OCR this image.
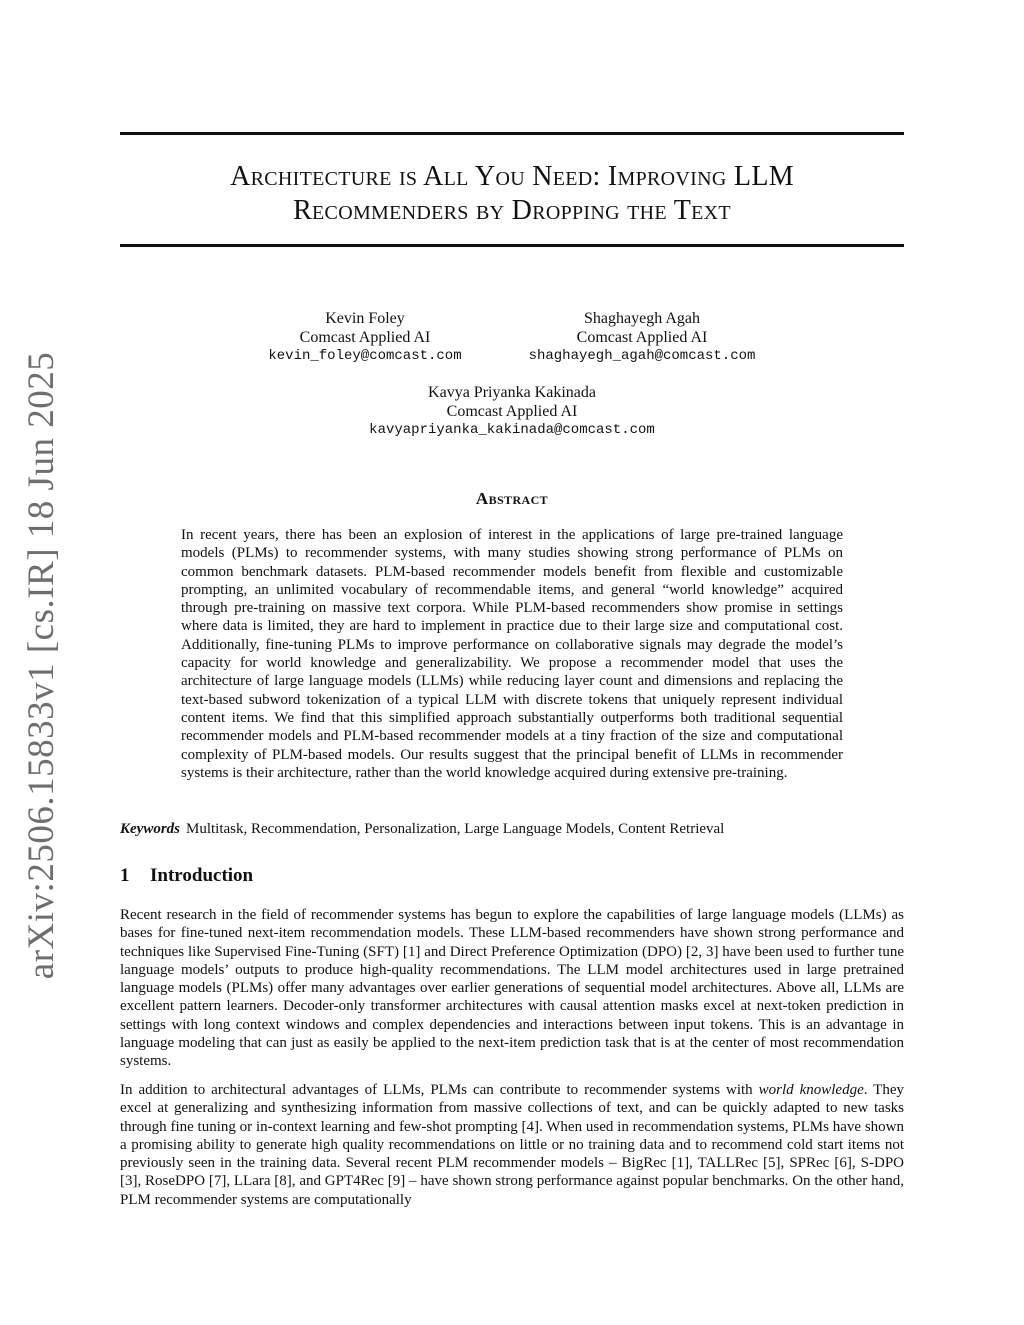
arXiv:2506.15833v1 [cs.IR] 18 Jun 2025
Architecture is All You Need: Improving LLM
Recommenders by Dropping the Text
Kevin Foley
Comcast Applied AI
kevin_foley@comcast.com
Shaghayegh Agah
Comcast Applied AI
shaghayegh_agah@comcast.com
Kavya Priyanka Kakinada
Comcast Applied AI
kavyapriyanka_kakinada@comcast.com
Abstract
In recent years, there has been an explosion of interest in the applications of large pre-trained language models (PLMs) to recommender systems, with many studies showing strong performance of PLMs on common benchmark datasets. PLM-based recommender models benefit from flexible and customizable prompting, an unlimited vocabulary of recommendable items, and general “world knowledge” acquired through pre-training on massive text corpora. While PLM-based recommenders show promise in settings where data is limited, they are hard to implement in practice due to their large size and computational cost. Additionally, fine-tuning PLMs to improve performance on collaborative signals may degrade the model’s capacity for world knowledge and generalizability. We propose a recommender model that uses the architecture of large language models (LLMs) while reducing layer count and dimensions and replacing the text-based subword tokenization of a typical LLM with discrete tokens that uniquely represent individual content items. We find that this simplified approach substantially outperforms both traditional sequential recommender models and PLM-based recommender models at a tiny fraction of the size and computational complexity of PLM-based models. Our results suggest that the principal benefit of LLMs in recommender systems is their architecture, rather than the world knowledge acquired during extensive pre-training.
Keywords Multitask, Recommendation, Personalization, Large Language Models, Content Retrieval
1 Introduction
Recent research in the field of recommender systems has begun to explore the capabilities of large language models (LLMs) as bases for fine-tuned next-item recommendation models. These LLM-based recommenders have shown strong performance and techniques like Supervised Fine-Tuning (SFT) [1] and Direct Preference Optimization (DPO) [2, 3] have been used to further tune language models’ outputs to produce high-quality recommendations. The LLM model architectures used in large pretrained language models (PLMs) offer many advantages over earlier generations of sequential model architectures. Above all, LLMs are excellent pattern learners. Decoder-only transformer architectures with causal attention masks excel at next-token prediction in settings with long context windows and complex dependencies and interactions between input tokens. This is an advantage in language modeling that can just as easily be applied to the next-item prediction task that is at the center of most recommendation systems.
In addition to architectural advantages of LLMs, PLMs can contribute to recommender systems with world knowledge. They excel at generalizing and synthesizing information from massive collections of text, and can be quickly adapted to new tasks through fine tuning or in-context learning and few-shot prompting [4]. When used in recommendation systems, PLMs have shown a promising ability to generate high quality recommendations on little or no training data and to recommend cold start items not previously seen in the training data. Several recent PLM recommender models – BigRec [1], TALLRec [5], SPRec [6], S-DPO [3], RoseDPO [7], LLara [8], and GPT4Rec [9] – have shown strong performance against popular benchmarks. On the other hand, PLM recommender systems are computationally
